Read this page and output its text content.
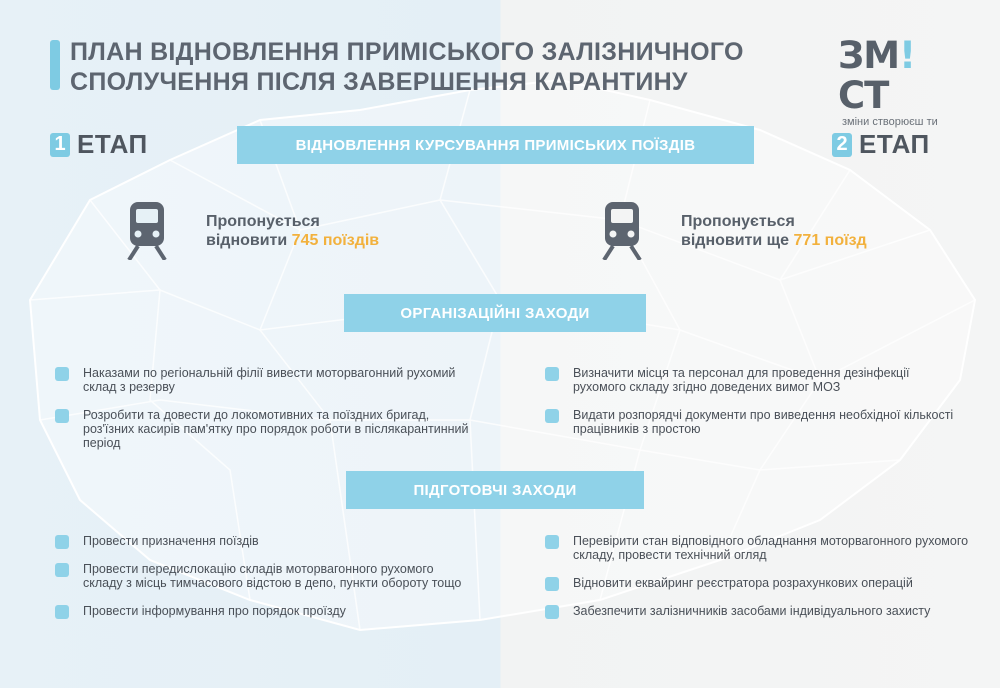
ПЛАН ВІДНОВЛЕННЯ ПРИМІСЬКОГО ЗАЛІЗНИЧНОГО СПОЛУЧЕННЯ ПІСЛЯ ЗАВЕРШЕННЯ КАРАНТИНУ
ЗМ!СТ
зміни створюєш ти
1 ЕТАП	2 ЕТАП
ВІДНОВЛЕННЯ КУРСУВАННЯ ПРИМІСЬКИХ ПОЇЗДІВ
Пропонується
відновити 745 поїздів
Пропонується
відновити ще 771 поїзд
ОРГАНІЗАЦІЙНІ ЗАХОДИ
Наказами по регіональній філії вивести моторвагонний рухомий склад з резерву
Розробити та довести до локомотивних та поїздних бригад, роз'їзних касирів пам'ятку про порядок роботи в післякарантинний період
Визначити місця та персонал для проведення дезінфекції рухомого складу згідно доведених вимог МОЗ
Видати розпорядчі документи про виведення необхідної кількості працівників з простою
ПІДГОТОВЧІ ЗАХОДИ
Провести призначення поїздів
Провести передислокацію складів моторвагонного рухомого складу з місць тимчасового відстою в депо, пункти обороту тощо
Провести інформування про порядок проїзду
Перевірити стан відповідного обладнання моторвагонного рухомого складу, провести технічний огляд
Відновити еквайринг реєстратора розрахункових операцій
Забезпечити залізничників засобами індивідуального захисту
